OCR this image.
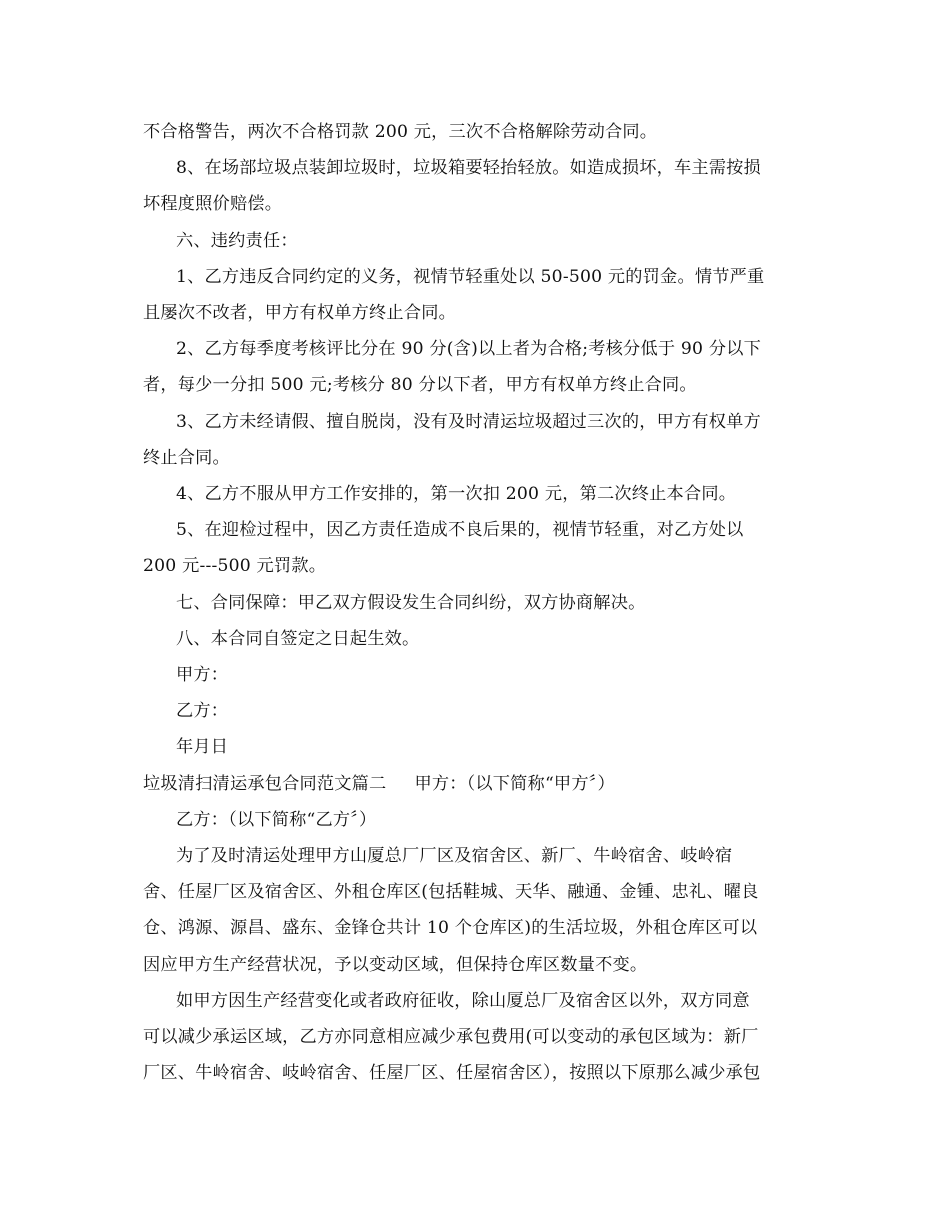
不合格警告，两次不合格罚款 200 元，三次不合格解除劳动合同。

8、在场部垃圾点装卸垃圾时，垃圾箱要轻抬轻放。如造成损坏，车主需按损

坏程度照价赔偿。

六、违约责任：

1、乙方违反合同约定的义务，视情节轻重处以 50-500 元的罚金。情节严重

且屡次不改者，甲方有权单方终止合同。

2、乙方每季度考核评比分在 90 分(含)以上者为合格;考核分低于 90 分以下

者，每少一分扣 500 元;考核分 80 分以下者，甲方有权单方终止合同。

3、乙方未经请假、擅自脱岗，没有及时清运垃圾超过三次的，甲方有权单方

终止合同。

4、乙方不服从甲方工作安排的，第一次扣 200 元，第二次终止本合同。

5、在迎检过程中，因乙方责任造成不良后果的，视情节轻重，对乙方处以

200 元---500 元罚款。

七、合同保障：甲乙双方假设发生合同纠纷，双方协商解决。

八、本合同自签定之日起生效。

甲方：

乙方：

年月日

垃圾清扫清运承包合同范文篇二 甲方：（以下简称“甲方〞）

乙方：（以下简称“乙方〞）

为了及时清运处理甲方山厦总厂厂区及宿舍区、新厂、牛岭宿舍、岐岭宿

舍、任屋厂区及宿舍区、外租仓库区(包括鞋城、天华、融通、金锺、忠礼、曜良

仓、鸿源、源昌、盛东、金锋仓共计 10 个仓库区)的生活垃圾，外租仓库区可以

因应甲方生产经营状况，予以变动区域，但保持仓库区数量不变。

如甲方因生产经营变化或者政府征收，除山厦总厂及宿舍区以外，双方同意

可以减少承运区域，乙方亦同意相应减少承包费用(可以变动的承包区域为：新厂

厂区、牛岭宿舍、岐岭宿舍、任屋厂区、任屋宿舍区），按照以下原那么减少承包
